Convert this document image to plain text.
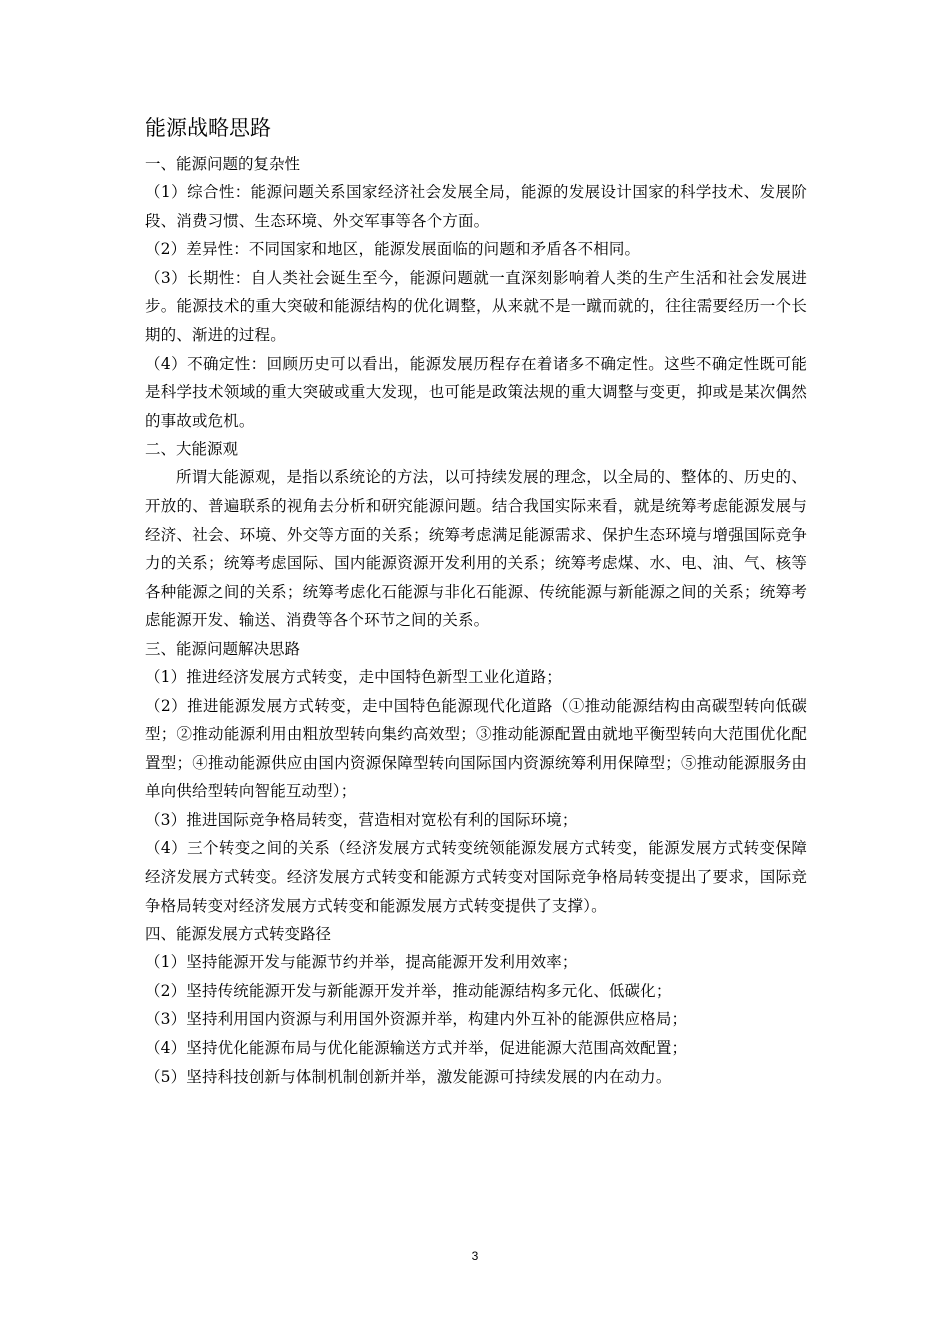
能源战略思路

一、能源问题的复杂性

（1）综合性：能源问题关系国家经济社会发展全局，能源的发展设计国家的科学技术、发展阶段、消费习惯、生态环境、外交军事等各个方面。

（2）差异性：不同国家和地区，能源发展面临的问题和矛盾各不相同。

（3）长期性：自人类社会诞生至今，能源问题就一直深刻影响着人类的生产生活和社会发展进步。能源技术的重大突破和能源结构的优化调整，从来就不是一蹴而就的，往往需要经历一个长期的、渐进的过程。

（4）不确定性：回顾历史可以看出，能源发展历程存在着诸多不确定性。这些不确定性既可能是科学技术领域的重大突破或重大发现，也可能是政策法规的重大调整与变更，抑或是某次偶然的事故或危机。

二、大能源观

所谓大能源观，是指以系统论的方法，以可持续发展的理念，以全局的、整体的、历史的、开放的、普遍联系的视角去分析和研究能源问题。结合我国实际来看，就是统筹考虑能源发展与经济、社会、环境、外交等方面的关系；统筹考虑满足能源需求、保护生态环境与增强国际竞争力的关系；统筹考虑国际、国内能源资源开发利用的关系；统筹考虑煤、水、电、油、气、核等各种能源之间的关系；统筹考虑化石能源与非化石能源、传统能源与新能源之间的关系；统筹考虑能源开发、输送、消费等各个环节之间的关系。

三、能源问题解决思路

（1）推进经济发展方式转变，走中国特色新型工业化道路；

（2）推进能源发展方式转变，走中国特色能源现代化道路（①推动能源结构由高碳型转向低碳型；②推动能源利用由粗放型转向集约高效型；③推动能源配置由就地平衡型转向大范围优化配置型；④推动能源供应由国内资源保障型转向国际国内资源统筹利用保障型；⑤推动能源服务由单向供给型转向智能互动型）；

（3）推进国际竞争格局转变，营造相对宽松有利的国际环境；

（4）三个转变之间的关系（经济发展方式转变统领能源发展方式转变，能源发展方式转变保障经济发展方式转变。经济发展方式转变和能源方式转变对国际竞争格局转变提出了要求，国际竞争格局转变对经济发展方式转变和能源发展方式转变提供了支撑）。

四、能源发展方式转变路径

（1）坚持能源开发与能源节约并举，提高能源开发利用效率；

（2）坚持传统能源开发与新能源开发并举，推动能源结构多元化、低碳化；

（3）坚持利用国内资源与利用国外资源并举，构建内外互补的能源供应格局；

（4）坚持优化能源布局与优化能源输送方式并举，促进能源大范围高效配置；

（5）坚持科技创新与体制机制创新并举，激发能源可持续发展的内在动力。

3
